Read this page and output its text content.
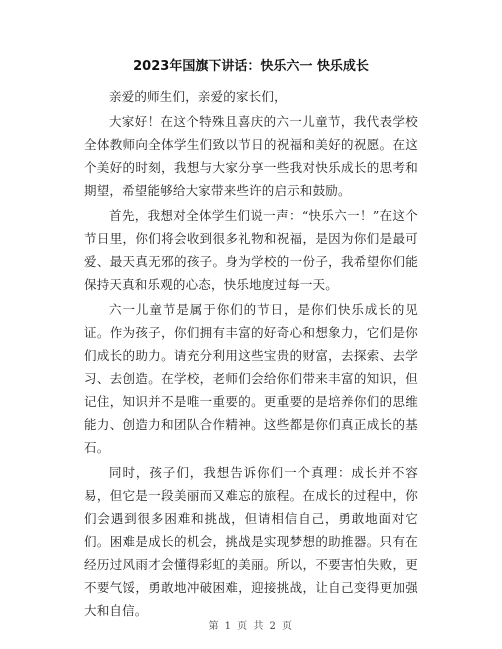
2023年国旗下讲话：快乐六一 快乐成长

亲爱的师生们，亲爱的家长们，

大家好！在这个特殊且喜庆的六一儿童节，我代表学校全体教师向全体学生们致以节日的祝福和美好的祝愿。在这个美好的时刻，我想与大家分享一些我对快乐成长的思考和期望，希望能够给大家带来些许的启示和鼓励。

首先，我想对全体学生们说一声：“快乐六一！”在这个节日里，你们将会收到很多礼物和祝福，是因为你们是最可爱、最天真无邪的孩子。身为学校的一份子，我希望你们能保持天真和乐观的心态，快乐地度过每一天。

六一儿童节是属于你们的节日，是你们快乐成长的见证。作为孩子，你们拥有丰富的好奇心和想象力，它们是你们成长的助力。请充分利用这些宝贵的财富，去探索、去学习、去创造。在学校，老师们会给你们带来丰富的知识，但记住，知识并不是唯一重要的。更重要的是培养你们的思维能力、创造力和团队合作精神。这些都是你们真正成长的基石。

同时，孩子们，我想告诉你们一个真理：成长并不容易，但它是一段美丽而又难忘的旅程。在成长的过程中，你们会遇到很多困难和挑战，但请相信自己，勇敢地面对它们。困难是成长的机会，挑战是实现梦想的助推器。只有在经历过风雨才会懂得彩虹的美丽。所以，不要害怕失败，更不要气馁，勇敢地冲破困难，迎接挑战，让自己变得更加强大和自信。

第 1 页 共 2 页
